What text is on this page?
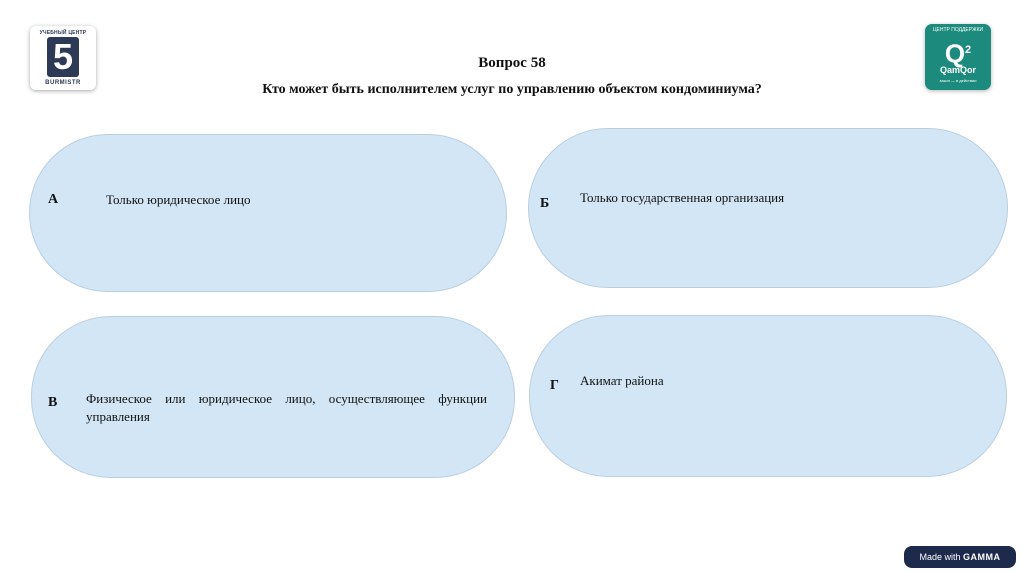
УЧЕБНЫЙ ЦЕНТР
5
BURMISTR
ЦЕНТР ПОДДЕРЖКИ
$Q^2$
QamQor
закон — в действии
Вопрос 58
Кто может быть исполнителем услуг по управлению объектом кондоминиума?
А	Только юридическое лицо	Б Только государственная организация
В Физическое или юридическое лицо, осуществляющее функции управления
Г Акимат района
Made with GAMMA
